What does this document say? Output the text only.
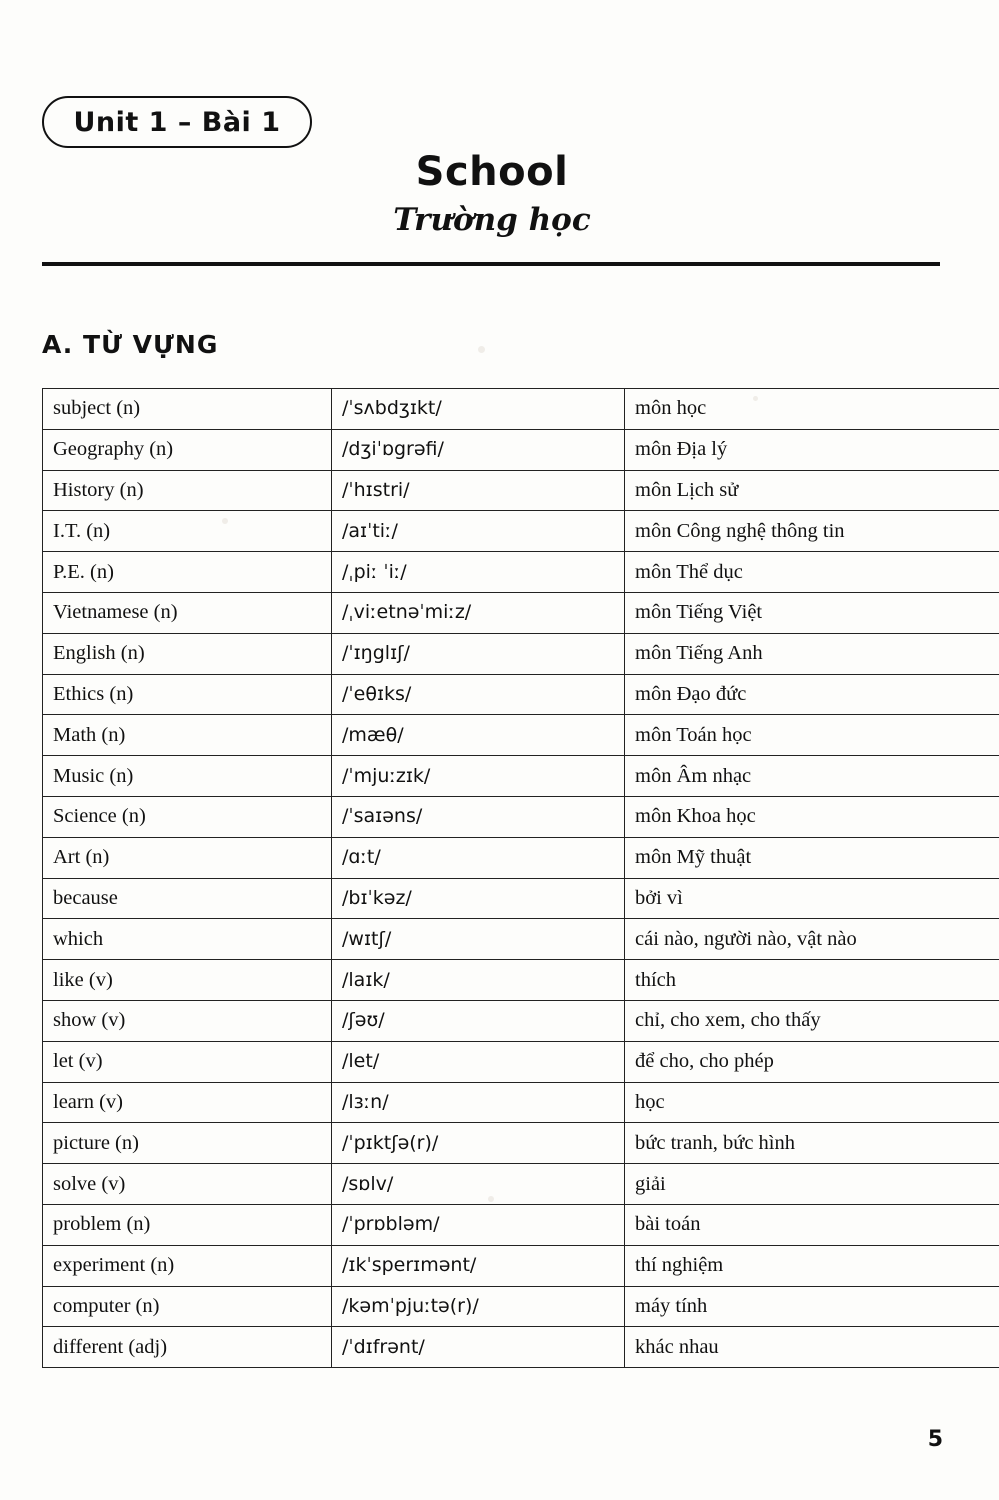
Unit 1 – Bài 1
School
Trường học
A. TỪ VỰNG
subject (n)	/ˈsʌbdʒɪkt/	môn học
Geography (n)	/dʒiˈɒgrəfi/	môn Địa lý
History (n)	/ˈhɪstri/	môn Lịch sử
I.T. (n)	/aɪˈtiː/	môn Công nghệ thông tin
P.E. (n)	/ˌpiː ˈiː/	môn Thể dục
Vietnamese (n)	/ˌviːetnəˈmiːz/	môn Tiếng Việt
English (n)	/ˈɪŋglɪʃ/	môn Tiếng Anh
Ethics (n)	/ˈeθɪks/	môn Đạo đức
Math (n)	/mæθ/	môn Toán học
Music (n)	/ˈmjuːzɪk/	môn Âm nhạc
Science (n)	/ˈsaɪəns/	môn Khoa học
Art (n)	/ɑːt/	môn Mỹ thuật
because	/bɪˈkəz/	bởi vì
which	/wɪtʃ/	cái nào, người nào, vật nào
like (v)	/laɪk/	thích
show (v)	/ʃəʊ/	chỉ, cho xem, cho thấy
let (v)	/let/	để cho, cho phép
learn (v)	/lɜːn/	học
picture (n)	/ˈpɪktʃə(r)/	bức tranh, bức hình
solve (v)	/sɒlv/	giải
problem (n)	/ˈprɒbləm/	bài toán
experiment (n)	/ɪkˈsperɪmənt/	thí nghiệm
computer (n)	/kəmˈpjuːtə(r)/	máy tính
different (adj)	/ˈdɪfrənt/	khác nhau
5
